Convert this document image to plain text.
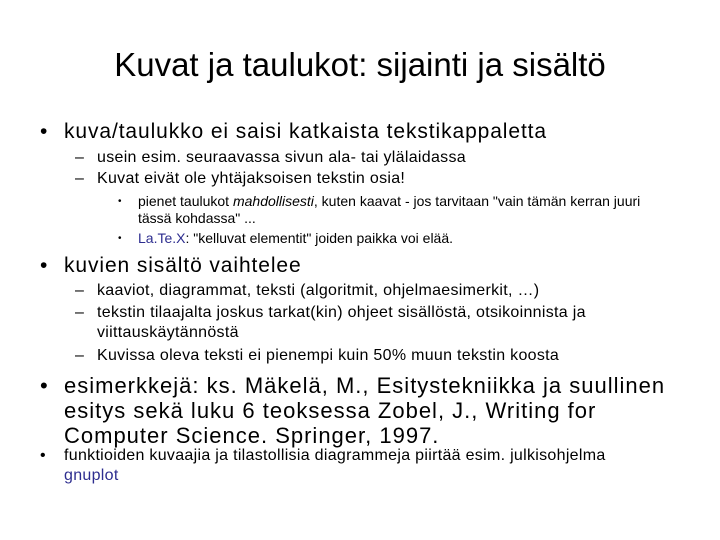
Kuvat ja taulukot: sijainti ja sisältö
• kuva/taulukko ei saisi katkaista tekstikappaletta
– usein esim. seuraavassa sivun ala- tai ylälaidassa
– Kuvat eivät ole yhtäjaksoisen tekstin osia!
•	pienet taulukot mahdollisesti, kuten kaavat - jos tarvitaan "vain tämän kerran juuri tässä kohdassa" ...
•	La.Te.X: "kelluvat elementit" joiden paikka voi elää.
• kuvien sisältö vaihtelee
– kaaviot, diagrammat, teksti (algoritmit, ohjelmaesimerkit, …)
– tekstin tilaajalta joskus tarkat(kin) ohjeet sisällöstä, otsikoinnista ja viittauskäytännöstä
– Kuvissa oleva teksti ei pienempi kuin 50% muun tekstin koosta
• esimerkkejä: ks. Mäkelä, M., Esitystekniikka ja suullinen esitys sekä luku 6 teoksessa Zobel, J., Writing for Computer Science. Springer, 1997.
•	funktioiden kuvaajia ja tilastollisia diagrammeja piirtää esim. julkisohjelma gnuplot
